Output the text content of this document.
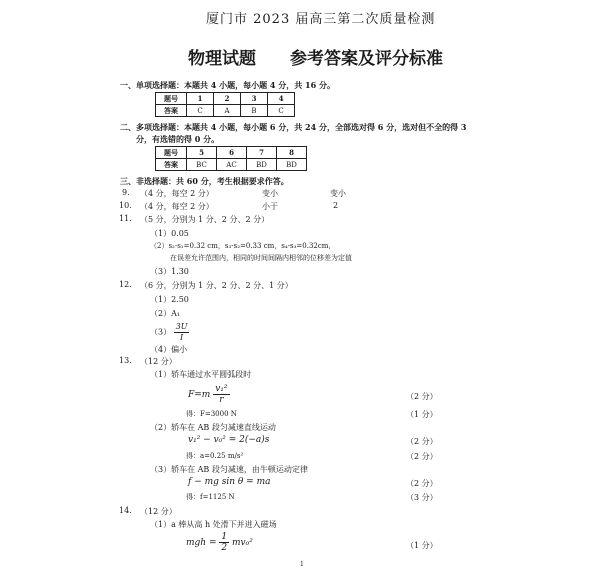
厦门市 2023 届高三第二次质量检测
物理试题 参考答案及评分标准
一、单项选择题：本题共 4 小题，每小题 4 分，共 16 分。
题号	1	2	3	4
答案	C	A	B	C
二、多项选择题：本题共 4 小题，每小题 6 分，共 24 分，全部选对得 6 分，选对但不全的得 3
分，有选错的得 0 分。
题号	5	6	7	8
答案	BC	AC	BD	BD
三、非选择题：共 60 分，考生根据要求作答。
9. （4 分，每空 2 分）	变小	变小
10. （4 分，每空 2 分）	小于	2
11. （5 分，分别为 1 分、2 分、2 分）
（1）0.05
（2）s₂-s₁=0.32 cm，s₃-s₂=0.33 cm，s₄-s₃=0.32cm，
在误差允许范围内，相同的时间间隔内相邻的位移差为定值
（3）1.30
12. （6 分，分别为 1 分、2 分、2 分、1 分）
（1）2.50
（2）A₁
$(3) \frac{3U}{I}$
（4）偏小
13. （12 分）
（1）轿车通过水平圆弧段时
$F=m \frac{\text{v₁²}}{r}$	（2 分）
得：F=3000 N	（1 分）
（2）轿车在 AB 段匀减速直线运动
v₁² − v₀² = 2(−a)s	（2 分）
得：a=0.25 m/s²	（2 分）
（3）轿车在 AB 段匀减速，由牛顿运动定律
f − mg sin θ = ma	（2 分）
得：f=1125 N	（3 分）
14. （12 分）
（1）a 棒从高 h 处滑下并进入磁场
mgh = $\frac{1}{2} mv_0^2$	（1 分）
1
